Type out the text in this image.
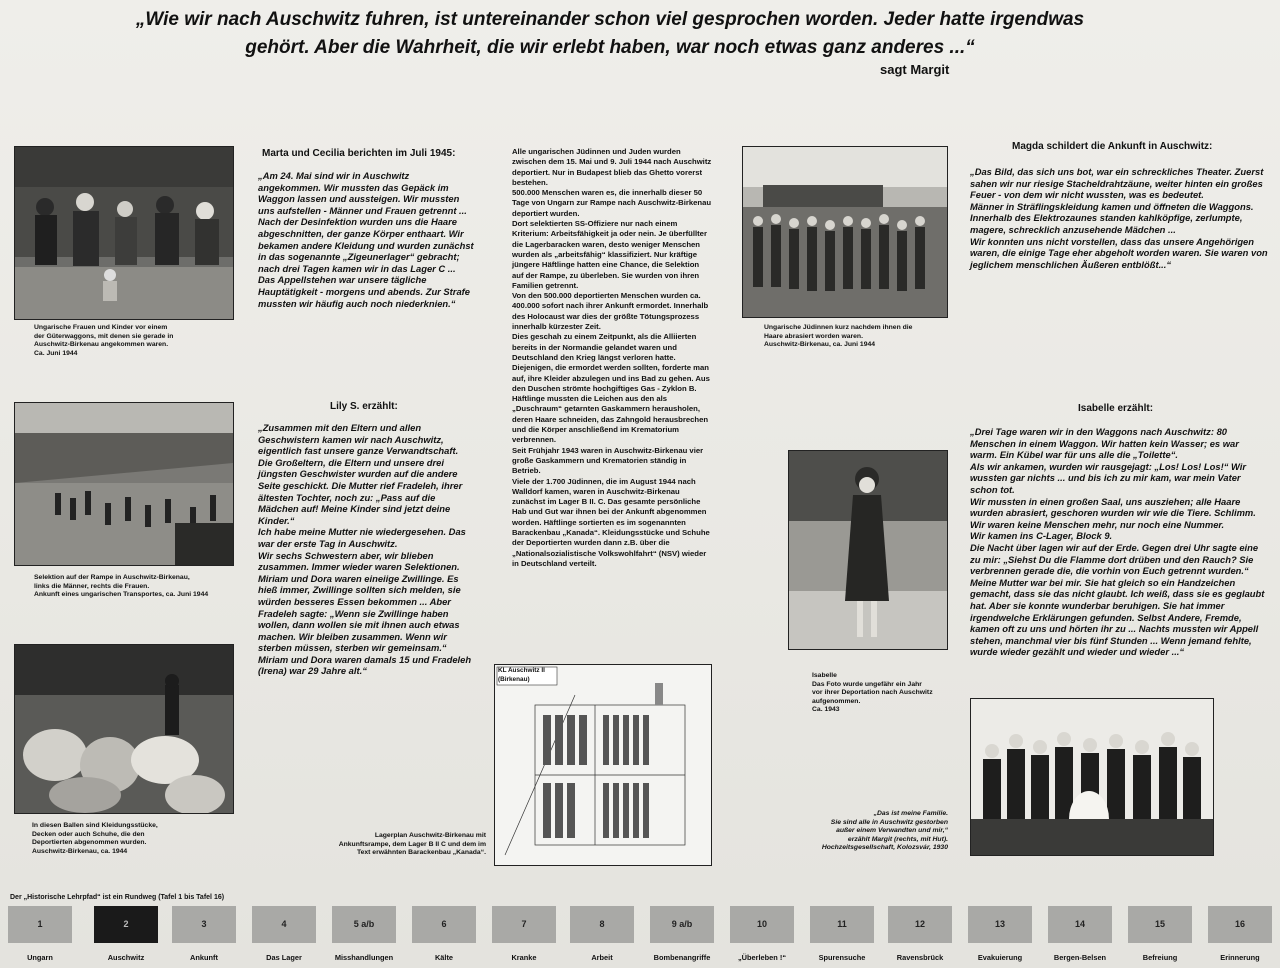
„Wie wir nach Auschwitz fuhren, ist untereinander schon viel gesprochen worden. Jeder hatte irgendwas gehört. Aber die Wahrheit, die wir erlebt haben, war noch etwas ganz anderes ...“
sagt Margit
Ungarische Frauen und Kinder vor einem
der Güterwaggons, mit denen sie gerade in
Auschwitz-Birkenau angekommen waren.
Ca. Juni 1944
Selektion auf der Rampe in Auschwitz-Birkenau,
links die Männer, rechts die Frauen.
Ankunft eines ungarischen Transportes, ca. Juni 1944
In diesen Ballen sind Kleidungsstücke,
Decken oder auch Schuhe, die den
Deportierten abgenommen wurden.
Auschwitz-Birkenau, ca. 1944
Marta und Cecilia berichten im Juli 1945:
„Am 24. Mai sind wir in Auschwitz angekommen. Wir mussten das Gepäck im Waggon lassen und aussteigen. Wir mussten uns aufstellen - Männer und Frauen getrennt ... Nach der Desinfektion wurden uns die Haare abgeschnitten, der ganze Körper enthaart. Wir bekamen andere Kleidung und wurden zunächst in das sogenannte „Zigeunerlager“ gebracht; nach drei Tagen kamen wir in das Lager C ...
Das Appellstehen war unsere tägliche Hauptätigkeit - morgens und abends. Zur Strafe mussten wir häufig auch noch niederknien.“
Lily S. erzählt:
„Zusammen mit den Eltern und allen Geschwistern kamen wir nach Auschwitz, eigentlich fast unsere ganze Verwandtschaft.
Die Großeltern, die Eltern und unsere drei jüngsten Geschwister wurden auf die andere Seite geschickt. Die Mutter rief Fradeleh, ihrer ältesten Tochter, noch zu: „Pass auf die Mädchen auf! Meine Kinder sind jetzt deine Kinder.“
Ich habe meine Mutter nie wiedergesehen. Das war der erste Tag in Auschwitz.
Wir sechs Schwestern aber, wir blieben zusammen. Immer wieder waren Selektionen. Miriam und Dora waren eineiige Zwillinge. Es hieß immer, Zwillinge sollten sich melden, sie würden besseres Essen bekommen ... Aber Fradeleh sagte: „Wenn sie Zwillinge haben wollen, dann wollen sie mit ihnen auch etwas machen. Wir bleiben zusammen. Wenn wir sterben müssen, sterben wir gemeinsam.“
Miriam und Dora waren damals 15 und Fradeleh (Irena) war 29 Jahre alt.“
Alle ungarischen Jüdinnen und Juden wurden zwischen dem 15. Mai und 9. Juli 1944 nach Auschwitz deportiert. Nur in Budapest blieb das Ghetto vorerst bestehen.
500.000 Menschen waren es, die innerhalb dieser 50 Tage von Ungarn zur Rampe nach Auschwitz-Birkenau deportiert wurden.
Dort selektierten SS-Offiziere nur nach einem Kriterium: Arbeitsfähigkeit ja oder nein. Je überfüllter die Lagerbaracken waren, desto weniger Menschen wurden als „arbeitsfähig“ klassifiziert. Nur kräftige jüngere Häftlinge hatten eine Chance, die Selektion auf der Rampe, zu überleben. Sie wurden von ihren Familien getrennt.
Von den 500.000 deportierten Menschen wurden ca. 400.000 sofort nach ihrer Ankunft ermordet. Innerhalb des Holocaust war dies der größte Tötungsprozess innerhalb kürzester Zeit.
Dies geschah zu einem Zeitpunkt, als die Alliierten bereits in der Normandie gelandet waren und Deutschland den Krieg längst verloren hatte.
Diejenigen, die ermordet werden sollten, forderte man auf, ihre Kleider abzulegen und ins Bad zu gehen. Aus den Duschen strömte hochgiftiges Gas - Zyklon B.
Häftlinge mussten die Leichen aus den als „Duschraum“ getarnten Gaskammern herausholen, deren Haare schneiden, das Zahngold herausbrechen und die Körper anschließend im Krematorium verbrennen.
Seit Frühjahr 1943 waren in Auschwitz-Birkenau vier große Gaskammern und Krematorien ständig in Betrieb.
Viele der 1.700 Jüdinnen, die im August 1944 nach Walldorf kamen, waren in Auschwitz-Birkenau zunächst im Lager B II. C. Das gesamte persönliche Hab und Gut war ihnen bei der Ankunft abgenommen worden. Häftlinge sortierten es im sogenannten Barackenbau „Kanada“. Kleidungsstücke und Schuhe der Deportierten wurden dann z.B. über die „Nationalsozialistische Volkswohlfahrt“ (NSV) wieder in Deutschland verteilt.
KL Auschwitz II
(Birkenau)
Lagerplan Auschwitz-Birkenau mit
Ankunftsrampe, dem Lager B II C und dem im
Text erwähnten Barackenbau „Kanada“.
Ungarische Jüdinnen kurz nachdem ihnen die
Haare abrasiert worden waren.
Auschwitz-Birkenau, ca. Juni 1944
Isabelle
Das Foto wurde ungefähr ein Jahr
vor ihrer Deportation nach Auschwitz
aufgenommen.
Ca. 1943
„Das ist meine Familie.
Sie sind alle in Auschwitz gestorben
außer einem Verwandten und mir,“
erzählt Margit (rechts, mit Hut).
Hochzeitsgesellschaft, Kolozsvár, 1930
Magda schildert die Ankunft in Auschwitz:
„Das Bild, das sich uns bot, war ein schreckliches Theater. Zuerst sahen wir nur riesige Stacheldrahtzäune, weiter hinten ein großes Feuer - von dem wir nicht wussten, was es bedeutet.
Männer in Sträflingskleidung kamen und öffneten die Waggons. Innerhalb des Elektrozaunes standen kahlköpfige, zerlumpte, magere, schrecklich anzusehende Mädchen ...
Wir konnten uns nicht vorstellen, dass das unsere Angehörigen waren, die einige Tage eher abgeholt worden waren. Sie waren von jeglichem menschlichen Äußeren entblößt...“
Isabelle erzählt:
„Drei Tage waren wir in den Waggons nach Auschwitz: 80 Menschen in einem Waggon. Wir hatten kein Wasser; es war warm. Ein Kübel war für uns alle die „Toilette“.
Als wir ankamen, wurden wir rausgejagt: „Los! Los! Los!“ Wir wussten gar nichts ... und bis ich zu mir kam, war mein Vater schon tot.
Wir mussten in einen großen Saal, uns ausziehen; alle Haare wurden abrasiert, geschoren wurden wir wie die Tiere. Schlimm. Wir waren keine Menschen mehr, nur noch eine Nummer.
Wir kamen ins C-Lager, Block 9.
Die Nacht über lagen wir auf der Erde. Gegen drei Uhr sagte eine zu mir: „Siehst Du die Flamme dort drüben und den Rauch? Sie verbrennen gerade die, die vorhin von Euch getrennt wurden.“
Meine Mutter war bei mir. Sie hat gleich so ein Handzeichen gemacht, dass sie das nicht glaubt. Ich weiß, dass sie es geglaubt hat. Aber sie konnte wunderbar beruhigen. Sie hat immer irgendwelche Erklärungen gefunden. Selbst Andere, Fremde, kamen oft zu uns und hörten ihr zu ... Nachts mussten wir Appell stehen, manchmal vier bis fünf Stunden ... Wenn jemand fehlte, wurde wieder gezählt und wieder und wieder ...“
Der „Historische Lehrpfad“ ist ein Rundweg (Tafel 1 bis Tafel 16)
1
Ungarn
2
Auschwitz
3
Ankunft
4
Das Lager
5 a/b
Misshandlungen
6
Kälte
7
Kranke
8
Arbeit
9 a/b
Bombenangriffe
10
„Überleben !“
11
Spurensuche
12
Ravensbrück
13
Evakuierung
14
Bergen-Belsen
15
Befreiung
16
Erinnerung
